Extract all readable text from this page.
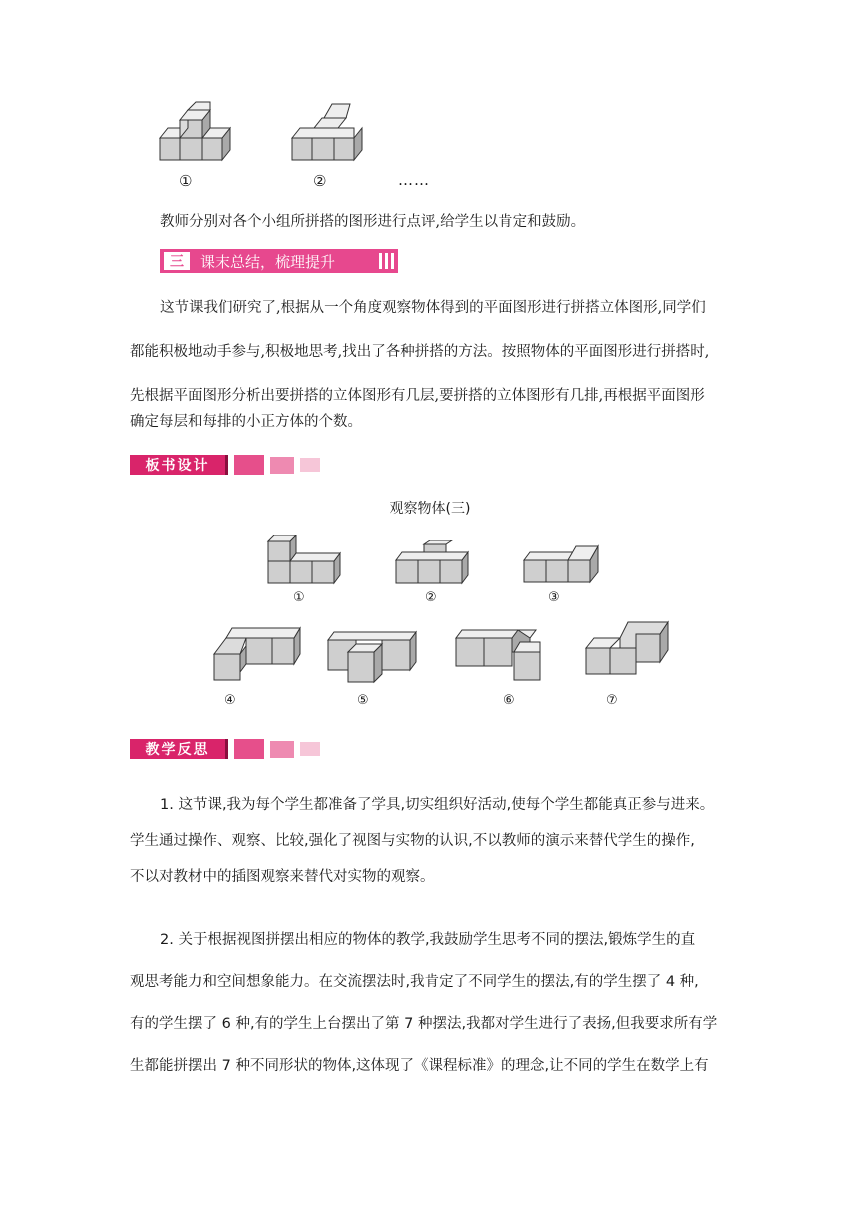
①	②	……

教师分别对各个小组所拼搭的图形进行点评,给学生以肯定和鼓励。

三	课末总结，梳理提升

这节课我们研究了,根据从一个角度观察物体得到的平面图形进行拼搭立体图形,同学们

都能积极地动手参与,积极地思考,找出了各种拼搭的方法。按照物体的平面图形进行拼搭时,

先根据平面图形分析出要拼搭的立体图形有几层,要拼搭的立体图形有几排,再根据平面图形

确定每层和每排的小正方体的个数。

板书设计
观察物体(三)
①	②	③
④	⑤	⑥	⑦
教学反思

1. 这节课,我为每个学生都准备了学具,切实组织好活动,使每个学生都能真正参与进来。

学生通过操作、观察、比较,强化了视图与实物的认识,不以教师的演示来替代学生的操作,

不以对教材中的插图观察来替代对实物的观察。

2. 关于根据视图拼摆出相应的物体的教学,我鼓励学生思考不同的摆法,锻炼学生的直

观思考能力和空间想象能力。在交流摆法时,我肯定了不同学生的摆法,有的学生摆了 4 种,

有的学生摆了 6 种,有的学生上台摆出了第 7 种摆法,我都对学生进行了表扬,但我要求所有学

生都能拼摆出 7 种不同形状的物体,这体现了《课程标准》的理念,让不同的学生在数学上有
